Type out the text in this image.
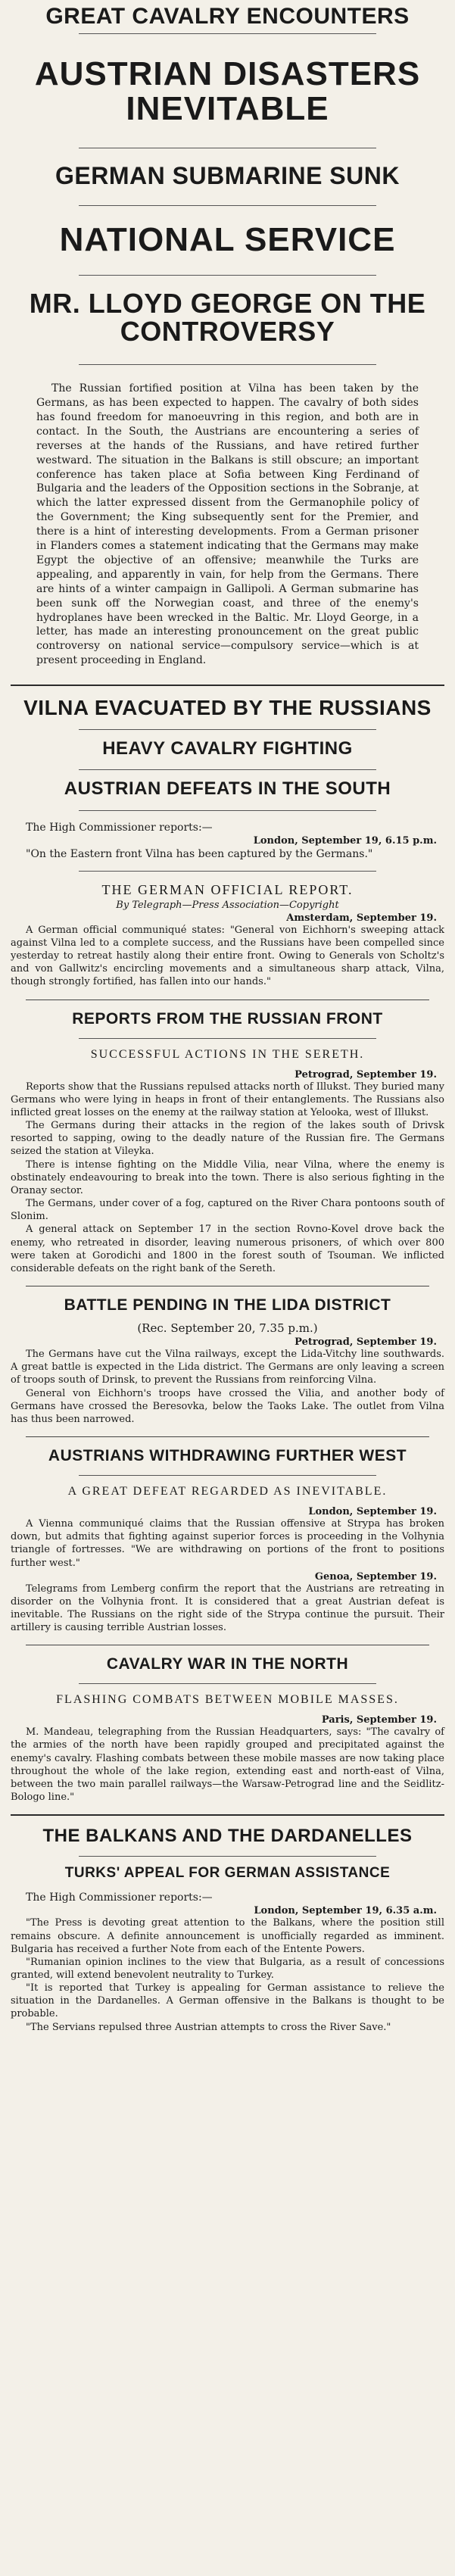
GREAT CAVALRY ENCOUNTERS
AUSTRIAN DISASTERS INEVITABLE
GERMAN SUBMARINE SUNK
NATIONAL SERVICE
MR. LLOYD GEORGE ON THE CONTROVERSY

The Russian fortified position at Vilna has been taken by the Germans, as has been expected to happen. The cavalry of both sides has found freedom for manoeuvring in this region, and both are in contact. In the South, the Austrians are encountering a series of reverses at the hands of the Russians, and have retired further westward. The situation in the Balkans is still obscure; an important conference has taken place at Sofia between King Ferdinand of Bulgaria and the leaders of the Opposition sections in the Sobranje, at which the latter expressed dissent from the Germanophile policy of the Government; the King subsequently sent for the Premier, and there is a hint of interesting developments. From a German prisoner in Flanders comes a statement indicating that the Germans may make Egypt the objective of an offensive; meanwhile the Turks are appealing, and apparently in vain, for help from the Germans. There are hints of a winter campaign in Gallipoli. A German submarine has been sunk off the Norwegian coast, and three of the enemy's hydroplanes have been wrecked in the Baltic. Mr. Lloyd George, in a letter, has made an interesting pronouncement on the great public controversy on national service—compulsory service—which is at present proceeding in England.

VILNA EVACUATED BY THE RUSSIANS
HEAVY CAVALRY FIGHTING
AUSTRIAN DEFEATS IN THE SOUTH

The High Commissioner reports:—

London, September 19, 6.15 p.m.

"On the Eastern front Vilna has been captured by the Germans."

THE GERMAN OFFICIAL REPORT.

By Telegraph—Press Association—Copyright

Amsterdam, September 19.

A German official communiqué states: "General von Eichhorn's sweeping attack against Vilna led to a complete success, and the Russians have been compelled since yesterday to retreat hastily along their entire front. Owing to Generals von Scholtz's and von Gallwitz's encircling movements and a simultaneous sharp attack, Vilna, though strongly fortified, has fallen into our hands."

REPORTS FROM THE RUSSIAN FRONT
SUCCESSFUL ACTIONS IN THE SERETH.

Petrograd, September 19.

Reports show that the Russians repulsed attacks north of Illukst. They buried many Germans who were lying in heaps in front of their entanglements. The Russians also inflicted great losses on the enemy at the railway station at Yelooka, west of Illukst.

The Germans during their attacks in the region of the lakes south of Drivsk resorted to sapping, owing to the deadly nature of the Russian fire. The Germans seized the station at Vileyka.

There is intense fighting on the Middle Vilia, near Vilna, where the enemy is obstinately endeavouring to break into the town. There is also serious fighting in the Oranay sector.

The Germans, under cover of a fog, captured on the River Chara pontoons south of Slonim.

A general attack on September 17 in the section Rovno-Kovel drove back the enemy, who retreated in disorder, leaving numerous prisoners, of which over 800 were taken at Gorodichi and 1800 in the forest south of Tsouman. We inflicted considerable defeats on the right bank of the Sereth.

BATTLE PENDING IN THE LIDA DISTRICT

(Rec. September 20, 7.35 p.m.)

Petrograd, September 19.

The Germans have cut the Vilna railways, except the Lida-Vitchy line southwards. A great battle is expected in the Lida district. The Germans are only leaving a screen of troops south of Drinsk, to prevent the Russians from reinforcing Vilna.

General von Eichhorn's troops have crossed the Vilia, and another body of Germans have crossed the Beresovka, below the Taoks Lake. The outlet from Vilna has thus been narrowed.

AUSTRIANS WITHDRAWING FURTHER WEST
A GREAT DEFEAT REGARDED AS INEVITABLE.

London, September 19.

A Vienna communiqué claims that the Russian offensive at Strypa has broken down, but admits that fighting against superior forces is proceeding in the Volhynia triangle of fortresses. "We are withdrawing on portions of the front to positions further west."

Genoa, September 19.

Telegrams from Lemberg confirm the report that the Austrians are retreating in disorder on the Volhynia front. It is considered that a great Austrian defeat is inevitable. The Russians on the right side of the Strypa continue the pursuit. Their artillery is causing terrible Austrian losses.

CAVALRY WAR IN THE NORTH
FLASHING COMBATS BETWEEN MOBILE MASSES.

Paris, September 19.

M. Mandeau, telegraphing from the Russian Headquarters, says: "The cavalry of the armies of the north have been rapidly grouped and precipitated against the enemy's cavalry. Flashing combats between these mobile masses are now taking place throughout the whole of the lake region, extending east and north-east of Vilna, between the two main parallel railways—the Warsaw-Petrograd line and the Seidlitz-Bologo line."

THE BALKANS AND THE DARDANELLES
TURKS' APPEAL FOR GERMAN ASSISTANCE

The High Commissioner reports:—

London, September 19, 6.35 a.m.

"The Press is devoting great attention to the Balkans, where the position still remains obscure. A definite announcement is unofficially regarded as imminent. Bulgaria has received a further Note from each of the Entente Powers.

"Rumanian opinion inclines to the view that Bulgaria, as a result of concessions granted, will extend benevolent neutrality to Turkey.

"It is reported that Turkey is appealing for German assistance to relieve the situation in the Dardanelles. A German offensive in the Balkans is thought to be probable.

"The Servians repulsed three Austrian attempts to cross the River Save."
